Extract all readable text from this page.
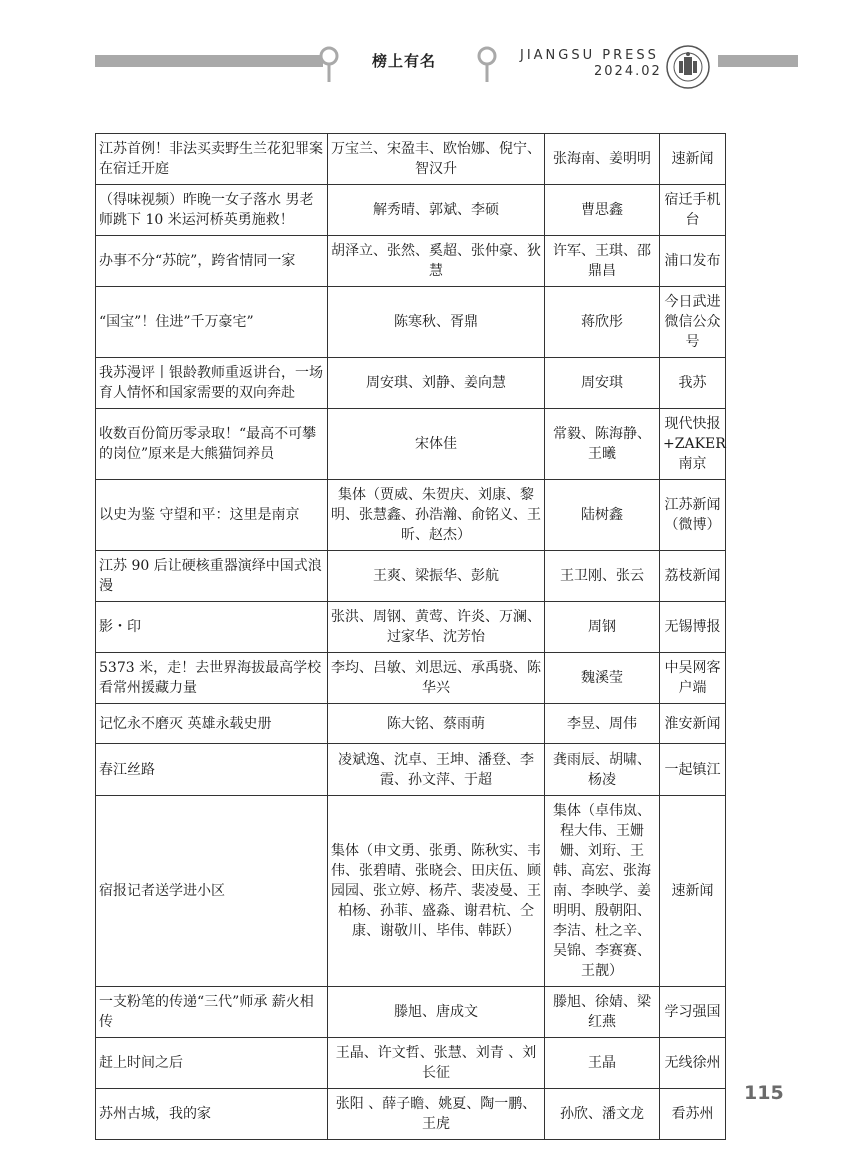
榜上有名	JIANGSU PRESS
2024.02
江苏首例！非法买卖野生兰花犯罪案在宿迁开庭	万宝兰、宋盈丰、欧怡娜、倪宁、智汉升	张海南、姜明明	速新闻
（得味视频）昨晚一女子落水 男老师跳下 10 米运河桥英勇施救！	解秀晴、郭斌、李硕	曹思鑫	宿迁手机台
办事不分“苏皖”，跨省情同一家	胡泽立、张然、奚超、张仲豪、狄慧	许军、王琪、邵鼎昌	浦口发布
“国宝”！住进”千万豪宅”	陈寒秋、胥鼎	蒋欣彤	今日武进微信公众号
我苏漫评丨银龄教师重返讲台，一场育人情怀和国家需要的双向奔赴	周安琪、刘静、姜向慧	周安琪	我苏
收数百份简历零录取！“最高不可攀的岗位”原来是大熊猫饲养员	宋体佳	常毅、陈海静、王曦	现代快报+ZAKER南京
以史为鉴 守望和平：这里是南京	集体（贾威、朱贺庆、刘康、黎明、张慧鑫、孙浩瀚、俞铭义、王昕、赵杰）	陆树鑫	江苏新闻（微博）
江苏 90 后让硬核重器演绎中国式浪漫	王爽、梁振华、彭航	王卫刚、张云	荔枝新闻
影・印	张洪、周钢、黄莺、许炎、万澜、过家华、沈芳怡	周钢	无锡博报
5373 米，走！去世界海拔最高学校看常州援藏力量	李均、吕敏、刘思远、承禹骁、陈华兴	魏溪莹	中吴网客户端
记忆永不磨灭 英雄永载史册	陈大铭、蔡雨萌	李昱、周伟	淮安新闻
春江丝路	凌斌逸、沈卓、王坤、潘登、李霞、孙文萍、于超	龚雨辰、胡啸、杨凌	一起镇江
宿报记者送学进小区	集体（申文勇、张勇、陈秋实、韦伟、张碧晴、张晓会、田庆伍、顾园园、张立婷、杨芹、裴凌曼、王柏杨、孙菲、盛淼、谢君杭、仝康、谢敬川、毕伟、韩跃）	集体（卓伟岚、程大伟、王姗姗、刘珩、王韩、高宏、张海南、李映学、姜明明、殷朝阳、李洁、杜之辛、吴锦、李赛赛、王靓）	速新闻
一支粉笔的传递“三代”师承 薪火相传	滕旭、唐成文	滕旭、徐婧、梁红燕	学习强国
赶上时间之后	王晶、许文哲、张慧、刘青 、刘长征	王晶	无线徐州
苏州古城，我的家	张阳 、薛子瞻、姚夏、陶一鹏、王虎	孙欣、潘文龙	看苏州
115
